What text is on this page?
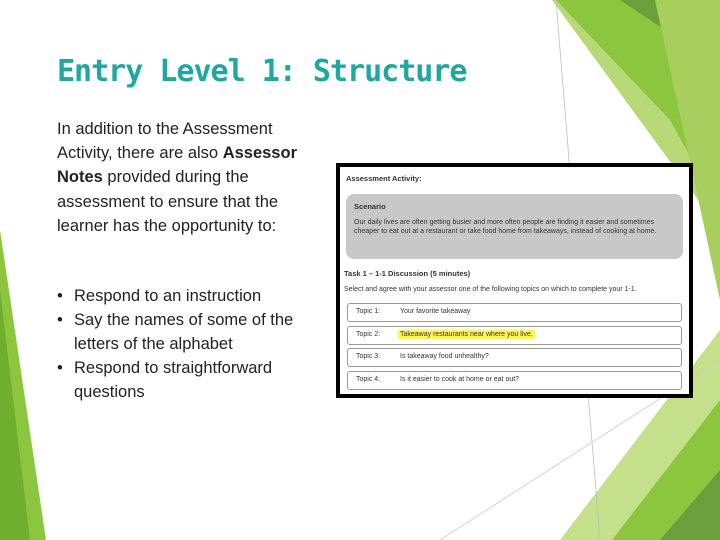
Entry Level 1: Structure
In addition to the Assessment Activity, there are also Assessor Notes provided during the assessment to ensure that the learner has the opportunity to:
• Respond to an instruction
• Say the names of some of the letters of the alphabet
• Respond to straightforward questions
Assessment Activity:
Scenario
Our daily lives are often getting busier and more often people are finding it easier and sometimes cheaper to eat out at a restaurant or take food home from takeaways, instead of cooking at home.
Task 1 – 1-1 Discussion (5 minutes)
Select and agree with your assessor one of the following topics on which to complete your 1-1.
Topic 1:	Your favorite takeaway
Topic 2:	Takeaway restaurants near where you live.
Topic 3:	Is takeaway food unhealthy?
Topic 4:	Is it easier to cook at home or eat out?
